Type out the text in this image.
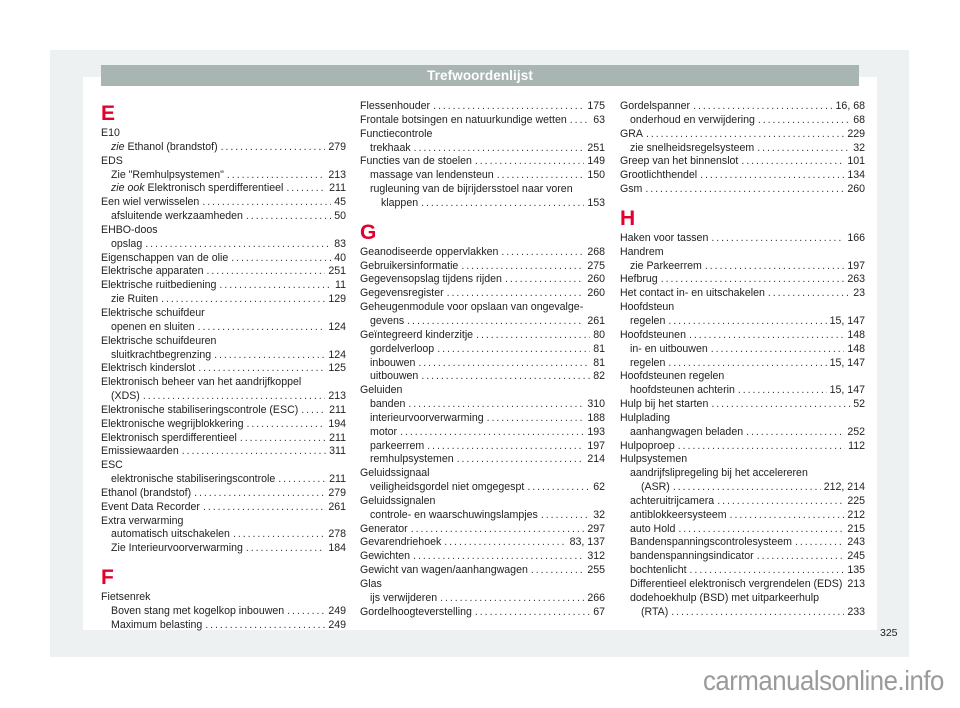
Trefwoordenlijst
E
E10
zie Ethanol (brandstof) . . .	279
EDS
Zie "Remhulpsystemen" . . .	213
zie ook Elektronisch sperdifferentieel . . .	211
Een wiel verwisselen . . .	45
afsluitende werkzaamheden . . .	50
EHBO-doos
opslag . . .	83
Eigenschappen van de olie . . .	40
Elektrische apparaten . . .	251
Elektrische ruitbediening . . .	11
zie Ruiten . . .	129
Elektrische schuifdeur
openen en sluiten . . .	124
Elektrische schuifdeuren
sluitkrachtbegrenzing . . .	124
Elektrisch kinderslot . . .	125
Elektronisch beheer van het aandrijfkoppel
(XDS) . . .	213
Elektronische stabiliseringscontrole (ESC) . . .	211
Elektronische wegrijblokkering . . .	194
Elektronisch sperdifferentieel . . .	211
Emissiewaarden . . .	311
ESC
elektronische stabiliseringscontrole . . .	211
Ethanol (brandstof) . . .	279
Event Data Recorder . . .	261
Extra verwarming
automatisch uitschakelen . . .	278
Zie Interieurvoorverwarming . . .	184
F
Fietsenrek
Boven stang met kogelkop inbouwen . . .	249
Maximum belasting . . .	249
Flessenhouder . . .	175
Frontale botsingen en natuurkundige wetten . . . 63
Functiecontrole
trekhaak . . .	251
Functies van de stoelen . . .	149
massage van lendensteun . . .	150
rugleuning van de bijrijdersstoel naar voren
klappen . . .	153
G
Geanodiseerde oppervlakken . . .	268
Gebruikersinformatie . . .	275
Gegevensopslag tijdens rijden . . .	260
Gegevensregister . . .	260
Geheugenmodule voor opslaan van ongevalge-
gevens . . .	261
Geïntegreerd kinderzitje . . .	80
gordelverloop . . .	81
inbouwen . . .	81
uitbouwen . . .	82
Geluiden
banden . . .	310
interieurvoorverwarming . . .	188
motor . . .	193
parkeerrem . . .	197
remhulpsystemen . . .	214
Geluidssignaal
veiligheidsgordel niet omgegespt . . .	62
Geluidssignalen
controle- en waarschuwingslampjes . . .	32
Generator . . .	297
Gevarendriehoek . . .	83, 137
Gewichten . . .	312
Gewicht van wagen/aanhangwagen . . .	255
Glas
ijs verwijderen . . .	266
Gordelhoogteverstelling . . .	67
Gordelspanner . . .	16, 68
onderhoud en verwijdering . . .	68
GRA . . .	229
zie snelheidsregelsysteem . . .	32
Greep van het binnenslot . . .	101
Grootlichthendel . . .	134
Gsm . . .	260
H
Haken voor tassen . . .	166
Handrem
zie Parkeerrem . . .	197
Hefbrug . . .	263
Het contact in- en uitschakelen . . .	23
Hoofdsteun
regelen . . .	15, 147
Hoofdsteunen . . .	148
in- en uitbouwen . . .	148
regelen . . .	15, 147
Hoofdsteunen regelen
hoofdsteunen achterin . . .	15, 147
Hulp bij het starten . . .	52
Hulplading
aanhangwagen beladen . . .	252
Hulpoproep . . .	112
Hulpsystemen
aandrijfslipregeling bij het accelereren
(ASR) . . .	212, 214
achteruitrijcamera . . .	225
antiblokkeersysteem . . .	212
auto Hold . . .	215
Bandenspanningscontrolesysteem . . .	243
bandenspanningsindicator . . .	245
bochtenlicht . . .	135
Differentieel elektronisch vergrendelen (EDS) 213
dodehoekhulp (BSD) met uitparkeerhulp
(RTA) . . .	233
325
carmanualsonline.info
